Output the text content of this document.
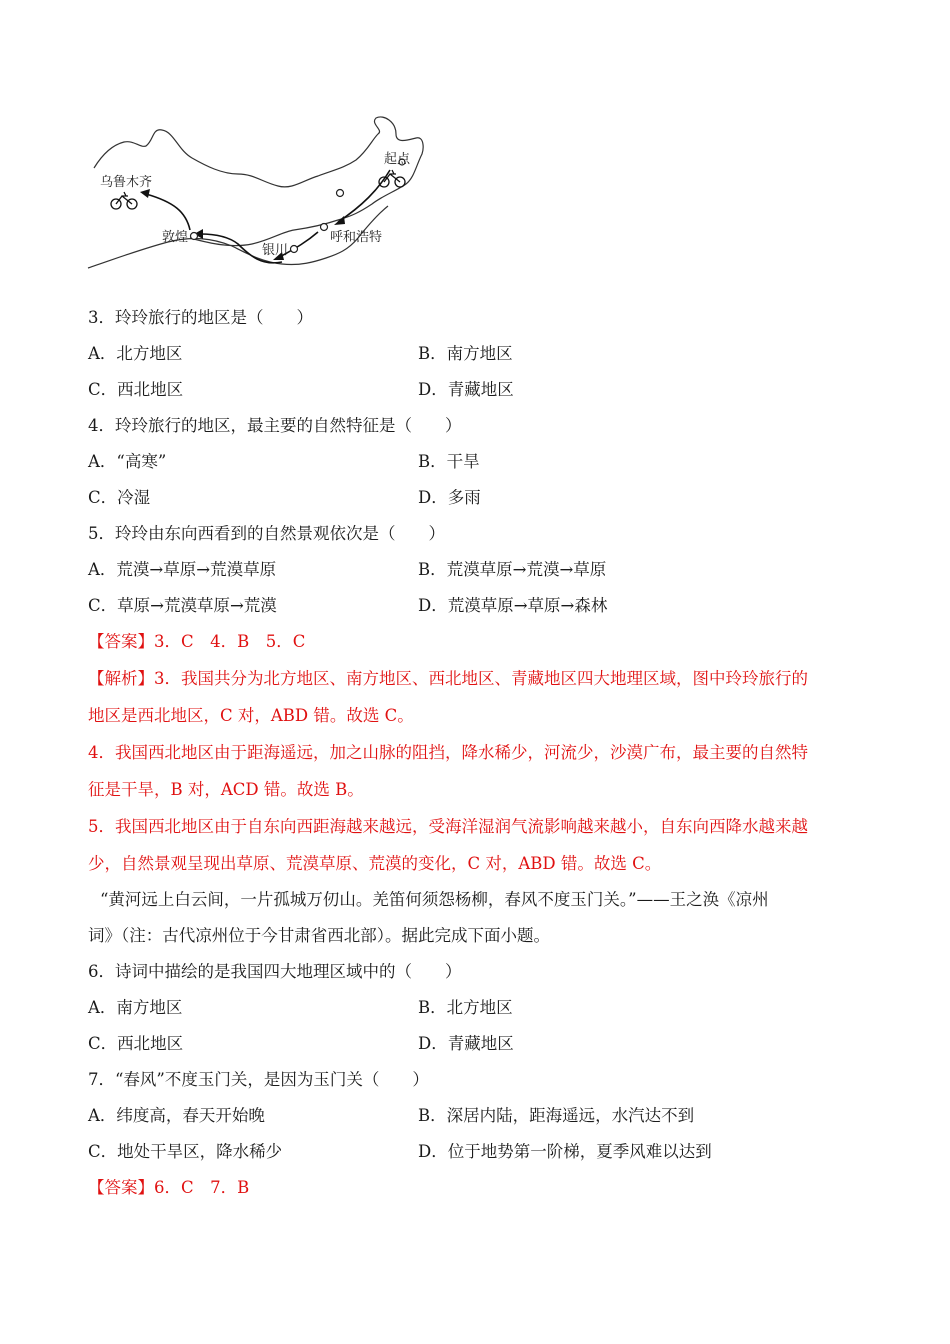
起点
乌鲁木齐
呼和浩特
银川
敦煌
3．玲玲旅行的地区是（　　）
A．北方地区	B．南方地区
C．西北地区	D．青藏地区
4．玲玲旅行的地区，最主要的自然特征是（　　）
A．“高寒”	B．干旱
C．冷湿	D．多雨
5．玲玲由东向西看到的自然景观依次是（　　）
A．荒漠→草原→荒漠草原	B．荒漠草原→荒漠→草原
C．草原→荒漠草原→荒漠	D．荒漠草原→草原→森林
【答案】3．C　4．B　5．C
【解析】3．我国共分为北方地区、南方地区、西北地区、青藏地区四大地理区域，图中玲玲旅行的
地区是西北地区，C 对，ABD 错。故选 C。
4．我国西北地区由于距海遥远，加之山脉的阻挡，降水稀少，河流少，沙漠广布，最主要的自然特
征是干旱，B 对，ACD 错。故选 B。
5．我国西北地区由于自东向西距海越来越远，受海洋湿润气流影响越来越小，自东向西降水越来越
少，自然景观呈现出草原、荒漠草原、荒漠的变化，C 对，ABD 错。故选 C。
“黄河远上白云间，一片孤城万仞山。羌笛何须怨杨柳，春风不度玉门关。”——王之涣《凉州
词》（注：古代凉州位于今甘肃省西北部）。据此完成下面小题。
6．诗词中描绘的是我国四大地理区域中的（　　）
A．南方地区	B．北方地区
C．西北地区	D．青藏地区
7．“春风”不度玉门关，是因为玉门关（　　）
A．纬度高，春天开始晚	B．深居内陆，距海遥远，水汽达不到
C．地处干旱区，降水稀少	D．位于地势第一阶梯，夏季风难以达到
【答案】6．C　7．B
